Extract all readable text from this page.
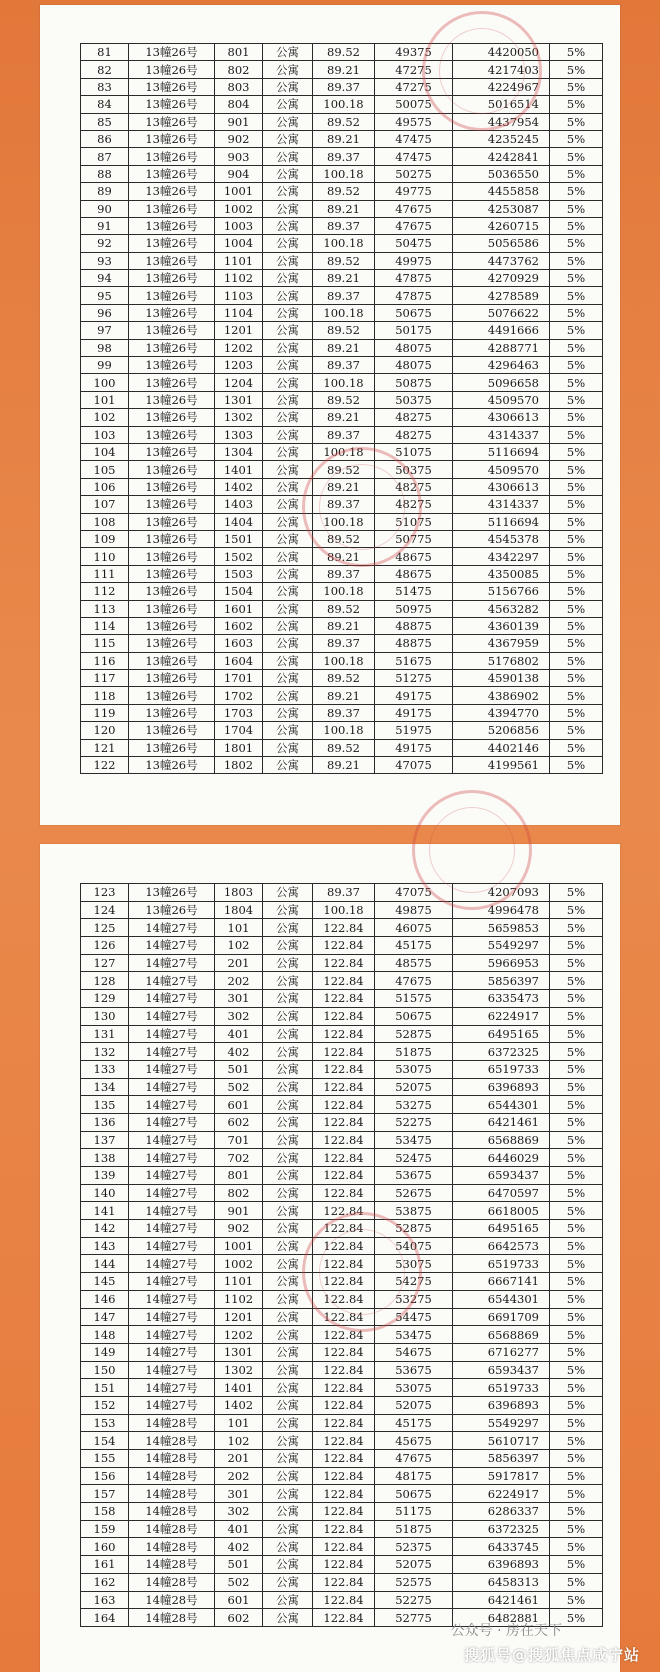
81	13幢26号	801	公寓	89.52	49375	4420050	5%
82	13幢26号	802	公寓	89.21	47275	4217403	5%
83	13幢26号	803	公寓	89.37	47275	4224967	5%
84	13幢26号	804	公寓	100.18	50075	5016514	5%
85	13幢26号	901	公寓	89.52	49575	4437954	5%
86	13幢26号	902	公寓	89.21	47475	4235245	5%
87	13幢26号	903	公寓	89.37	47475	4242841	5%
88	13幢26号	904	公寓	100.18	50275	5036550	5%
89	13幢26号	1001	公寓	89.52	49775	4455858	5%
90	13幢26号	1002	公寓	89.21	47675	4253087	5%
91	13幢26号	1003	公寓	89.37	47675	4260715	5%
92	13幢26号	1004	公寓	100.18	50475	5056586	5%
93	13幢26号	1101	公寓	89.52	49975	4473762	5%
94	13幢26号	1102	公寓	89.21	47875	4270929	5%
95	13幢26号	1103	公寓	89.37	47875	4278589	5%
96	13幢26号	1104	公寓	100.18	50675	5076622	5%
97	13幢26号	1201	公寓	89.52	50175	4491666	5%
98	13幢26号	1202	公寓	89.21	48075	4288771	5%
99	13幢26号	1203	公寓	89.37	48075	4296463	5%
100	13幢26号	1204	公寓	100.18	50875	5096658	5%
101	13幢26号	1301	公寓	89.52	50375	4509570	5%
102	13幢26号	1302	公寓	89.21	48275	4306613	5%
103	13幢26号	1303	公寓	89.37	48275	4314337	5%
104	13幢26号	1304	公寓	100.18	51075	5116694	5%
105	13幢26号	1401	公寓	89.52	50375	4509570	5%
106	13幢26号	1402	公寓	89.21	48275	4306613	5%
107	13幢26号	1403	公寓	89.37	48275	4314337	5%
108	13幢26号	1404	公寓	100.18	51075	5116694	5%
109	13幢26号	1501	公寓	89.52	50775	4545378	5%
110	13幢26号	1502	公寓	89.21	48675	4342297	5%
111	13幢26号	1503	公寓	89.37	48675	4350085	5%
112	13幢26号	1504	公寓	100.18	51475	5156766	5%
113	13幢26号	1601	公寓	89.52	50975	4563282	5%
114	13幢26号	1602	公寓	89.21	48875	4360139	5%
115	13幢26号	1603	公寓	89.37	48875	4367959	5%
116	13幢26号	1604	公寓	100.18	51675	5176802	5%
117	13幢26号	1701	公寓	89.52	51275	4590138	5%
118	13幢26号	1702	公寓	89.21	49175	4386902	5%
119	13幢26号	1703	公寓	89.37	49175	4394770	5%
120	13幢26号	1704	公寓	100.18	51975	5206856	5%
121	13幢26号	1801	公寓	89.52	49175	4402146	5%
122	13幢26号	1802	公寓	89.21	47075	4199561	5%
123	13幢26号	1803	公寓	89.37	47075	4207093	5%
124	13幢26号	1804	公寓	100.18	49875	4996478	5%
125	14幢27号	101	公寓	122.84	46075	5659853	5%
126	14幢27号	102	公寓	122.84	45175	5549297	5%
127	14幢27号	201	公寓	122.84	48575	5966953	5%
128	14幢27号	202	公寓	122.84	47675	5856397	5%
129	14幢27号	301	公寓	122.84	51575	6335473	5%
130	14幢27号	302	公寓	122.84	50675	6224917	5%
131	14幢27号	401	公寓	122.84	52875	6495165	5%
132	14幢27号	402	公寓	122.84	51875	6372325	5%
133	14幢27号	501	公寓	122.84	53075	6519733	5%
134	14幢27号	502	公寓	122.84	52075	6396893	5%
135	14幢27号	601	公寓	122.84	53275	6544301	5%
136	14幢27号	602	公寓	122.84	52275	6421461	5%
137	14幢27号	701	公寓	122.84	53475	6568869	5%
138	14幢27号	702	公寓	122.84	52475	6446029	5%
139	14幢27号	801	公寓	122.84	53675	6593437	5%
140	14幢27号	802	公寓	122.84	52675	6470597	5%
141	14幢27号	901	公寓	122.84	53875	6618005	5%
142	14幢27号	902	公寓	122.84	52875	6495165	5%
143	14幢27号	1001	公寓	122.84	54075	6642573	5%
144	14幢27号	1002	公寓	122.84	53075	6519733	5%
145	14幢27号	1101	公寓	122.84	54275	6667141	5%
146	14幢27号	1102	公寓	122.84	53275	6544301	5%
147	14幢27号	1201	公寓	122.84	54475	6691709	5%
148	14幢27号	1202	公寓	122.84	53475	6568869	5%
149	14幢27号	1301	公寓	122.84	54675	6716277	5%
150	14幢27号	1302	公寓	122.84	53675	6593437	5%
151	14幢27号	1401	公寓	122.84	53075	6519733	5%
152	14幢27号	1402	公寓	122.84	52075	6396893	5%
153	14幢28号	101	公寓	122.84	45175	5549297	5%
154	14幢28号	102	公寓	122.84	45675	5610717	5%
155	14幢28号	201	公寓	122.84	47675	5856397	5%
156	14幢28号	202	公寓	122.84	48175	5917817	5%
157	14幢28号	301	公寓	122.84	50675	6224917	5%
158	14幢28号	302	公寓	122.84	51175	6286337	5%
159	14幢28号	401	公寓	122.84	51875	6372325	5%
160	14幢28号	402	公寓	122.84	52375	6433745	5%
161	14幢28号	501	公寓	122.84	52075	6396893	5%
162	14幢28号	502	公寓	122.84	52575	6458313	5%
163	14幢28号	601	公寓	122.84	52275	6421461	5%
164	14幢28号	602	公寓	122.84	52775	6482881	5%
公众号 · 房在天下
搜狐号@搜狐焦点咸宁站
